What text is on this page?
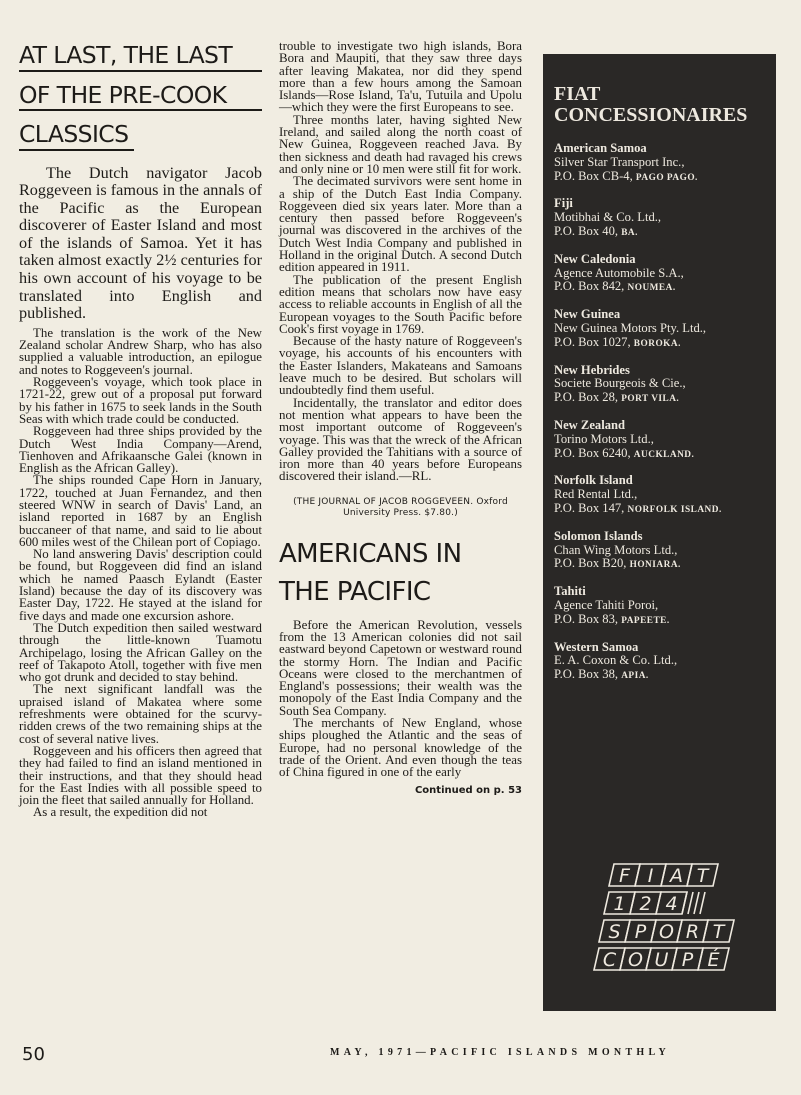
AT LAST, THE LAST
OF THE PRE-COOK
CLASSICS

The Dutch navigator Jacob Roggeveen is famous in the annals of the Pacific as the European discoverer of Easter Island and most of the islands of Samoa. Yet it has taken almost exactly 2½ centuries for his own account of his voyage to be translated into English and published.

The translation is the work of the New Zealand scholar Andrew Sharp, who has also supplied a valuable introduction, an epilogue and notes to Roggeveen's journal.

Roggeveen's voyage, which took place in 1721-22, grew out of a proposal put forward by his father in 1675 to seek lands in the South Seas with which trade could be conducted.

Roggeveen had three ships provided by the Dutch West India Company—Arend, Tienhoven and Afrikaansche Galei (known in English as the African Galley).

The ships rounded Cape Horn in January, 1722, touched at Juan Fernandez, and then steered WNW in search of Davis' Land, an island reported in 1687 by an English buccaneer of that name, and said to lie about 600 miles west of the Chilean port of Copiago.

No land answering Davis' description could be found, but Roggeveen did find an island which he named Paasch Eylandt (Easter Island) because the day of its discovery was Easter Day, 1722. He stayed at the island for five days and made one excursion ashore.

The Dutch expedition then sailed westward through the little-known Tuamotu Archipelago, losing the African Galley on the reef of Takapoto Atoll, together with five men who got drunk and decided to stay behind.

The next significant landfall was the upraised island of Makatea where some refreshments were obtained for the scurvy-ridden crews of the two remaining ships at the cost of several native lives.

Roggeveen and his officers then agreed that they had failed to find an island mentioned in their instructions, and that they should head for the East Indies with all possible speed to join the fleet that sailed annually for Holland.

As a result, the expedition did not

trouble to investigate two high islands, Bora Bora and Maupiti, that they saw three days after leaving Makatea, nor did they spend more than a few hours among the Samoan Islands—Rose Island, Ta'u, Tutuila and Upolu—which they were the first Europeans to see.

Three months later, having sighted New Ireland, and sailed along the north coast of New Guinea, Roggeveen reached Java. By then sickness and death had ravaged his crews and only nine or 10 men were still fit for work.

The decimated survivors were sent home in a ship of the Dutch East India Company. Roggeveen died six years later. More than a century then passed before Roggeveen's journal was discovered in the archives of the Dutch West India Company and published in Holland in the original Dutch. A second Dutch edition appeared in 1911.

The publication of the present English edition means that scholars now have easy access to reliable accounts in English of all the European voyages to the South Pacific before Cook's first voyage in 1769.

Because of the hasty nature of Roggeveen's voyage, his accounts of his encounters with the Easter Islanders, Makateans and Samoans leave much to be desired. But scholars will undoubtedly find them useful.

Incidentally, the translator and editor does not mention what appears to have been the most important outcome of Roggeveen's voyage. This was that the wreck of the African Galley provided the Tahitians with a source of iron more than 40 years before Europeans discovered their island.—RL.

(THE JOURNAL OF JACOB ROGGEVEEN. Oxford University Press. $7.80.)
AMERICANS IN
THE PACIFIC

Before the American Revolution, vessels from the 13 American colonies did not sail eastward beyond Capetown or westward round the stormy Horn. The Indian and Pacific Oceans were closed to the merchantmen of England's possessions; their wealth was the monopoly of the East India Company and the South Sea Company.

The merchants of New England, whose ships ploughed the Atlantic and the seas of Europe, had no personal knowledge of the trade of the Orient. And even though the teas of China figured in one of the early

Continued on p. 53
FIAT
CONCESSIONAIRES
American Samoa
Silver Star Transport Inc.,
P.O. Box CB-4, PAGO PAGO.
Fiji
Motibhai & Co. Ltd.,
P.O. Box 40, BA.
New Caledonia
Agence Automobile S.A.,
P.O. Box 842, NOUMEA.
New Guinea
New Guinea Motors Pty. Ltd.,
P.O. Box 1027, BOROKA.
New Hebrides
Societe Bourgeois & Cie.,
P.O. Box 28, PORT VILA.
New Zealand
Torino Motors Ltd.,
P.O. Box 6240, AUCKLAND.
Norfolk Island
Red Rental Ltd.,
P.O. Box 147, NORFOLK ISLAND.
Solomon Islands
Chan Wing Motors Ltd.,
P.O. Box B20, HONIARA.
Tahiti
Agence Tahiti Poroi,
P.O. Box 83, PAPEETE.
Western Samoa
E. A. Coxon & Co. Ltd.,
P.O. Box 38, APIA.
F I A T
1 2 4
S P O R T
C O U P É
50	MAY, 1971—PACIFIC ISLANDS MONTHLY
